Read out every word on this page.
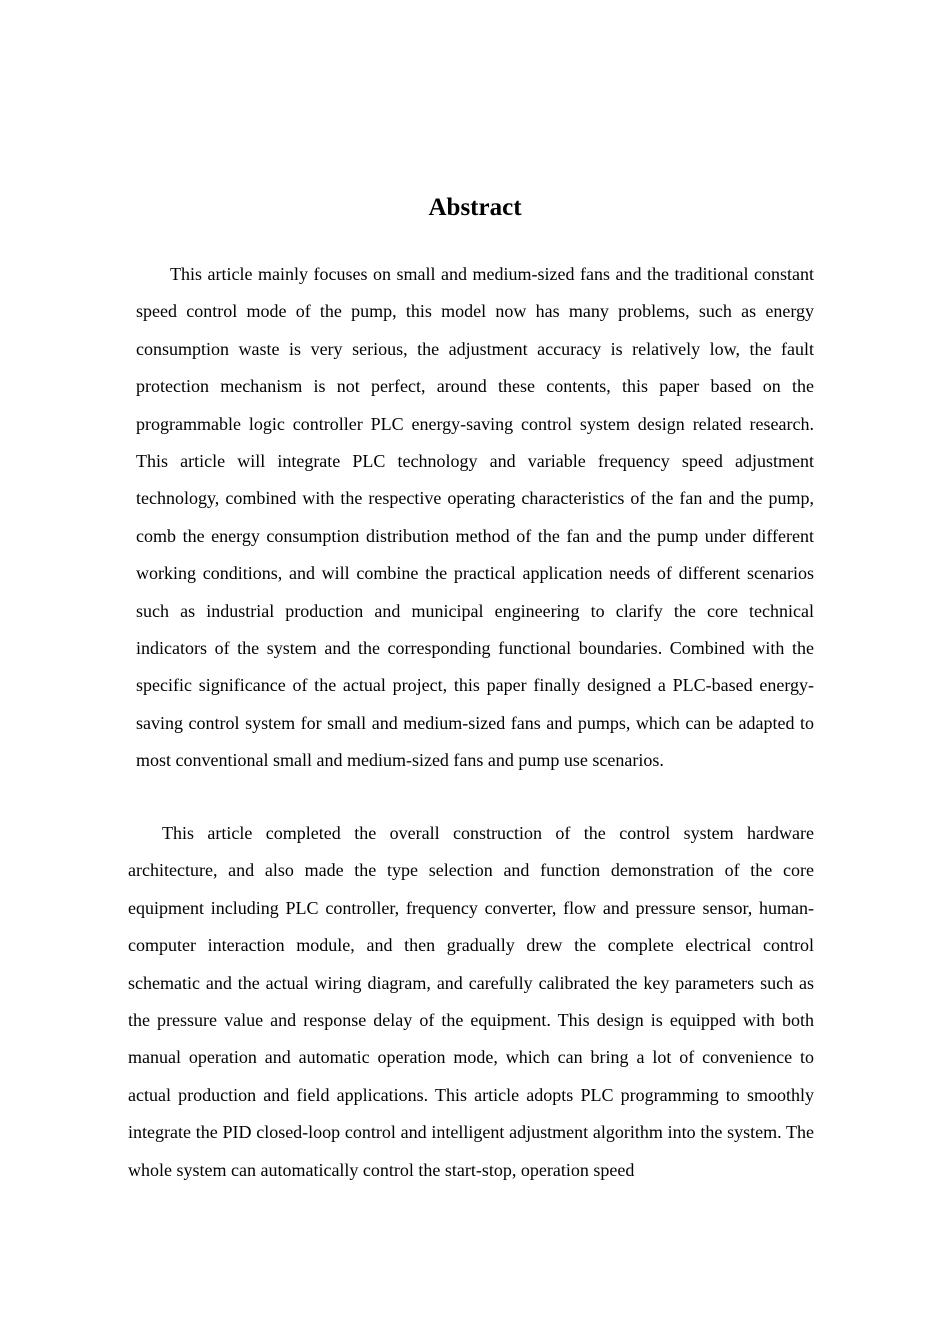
Abstract

This article mainly focuses on small and medium-sized fans and the traditional constant speed control mode of the pump, this model now has many problems, such as energy consumption waste is very serious, the adjustment accuracy is relatively low, the fault protection mechanism is not perfect, around these contents, this paper based on the programmable logic controller PLC energy-saving control system design related research. This article will integrate PLC technology and variable frequency speed adjustment technology, combined with the respective operating characteristics of the fan and the pump, comb the energy consumption distribution method of the fan and the pump under different working conditions, and will combine the practical application needs of different scenarios such as industrial production and municipal engineering to clarify the core technical indicators of the system and the corresponding functional boundaries. Combined with the specific significance of the actual project, this paper finally designed a PLC-based energy-saving control system for small and medium-sized fans and pumps, which can be adapted to most conventional small and medium-sized fans and pump use scenarios.

This article completed the overall construction of the control system hardware architecture, and also made the type selection and function demonstration of the core equipment including PLC controller, frequency converter, flow and pressure sensor, human-computer interaction module, and then gradually drew the complete electrical control schematic and the actual wiring diagram, and carefully calibrated the key parameters such as the pressure value and response delay of the equipment. This design is equipped with both manual operation and automatic operation mode, which can bring a lot of convenience to actual production and field applications. This article adopts PLC programming to smoothly integrate the PID closed-loop control and intelligent adjustment algorithm into the system. The whole system can automatically control the start-stop, operation speed
